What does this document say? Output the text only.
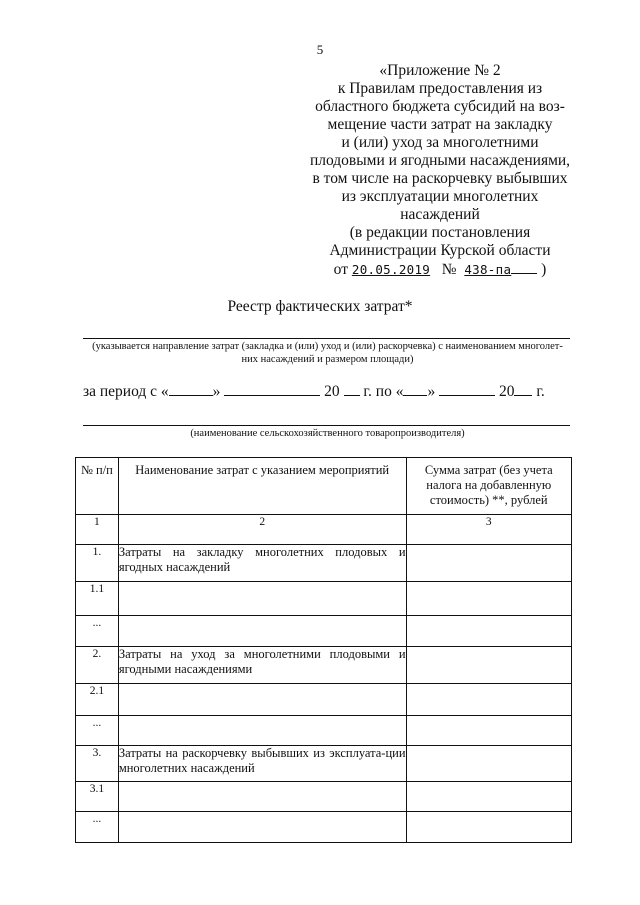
5
«Приложение № 2
к Правилам предоставления из
областного бюджета субсидий на воз-
мещение части затрат на закладку
и (или) уход за многолетними
плодовыми и ягодными насаждениями,
в том числе на раскорчевку выбывших
из эксплуатации многолетних
насаждений
(в редакции постановления
Администрации Курской области
от 20.05.2019 № 438-па )
Реестр фактических затрат*
(указывается направление затрат (закладка и (или) уход и (или) раскорчевка) с наименованием многолет-
них насаждений и размером площади)
за период с «	»	20 г. по « »	20 г.
(наименование сельскохозяйственного товаропроизводителя)
№ п/п	Наименование затрат с указанием мероприятий	Сумма затрат (без учета налога на добавленную стоимость) **, рублей
1	2	3
1.	Затраты на закладку многолетних плодовых и ягодных насаждений	
1.1		
...		
2.	Затраты на уход за многолетними плодовыми и ягодными насаждениями	
2.1		
...		
3.	Затраты на раскорчевку выбывших из эксплуата-ции многолетних насаждений	
3.1		
...		
